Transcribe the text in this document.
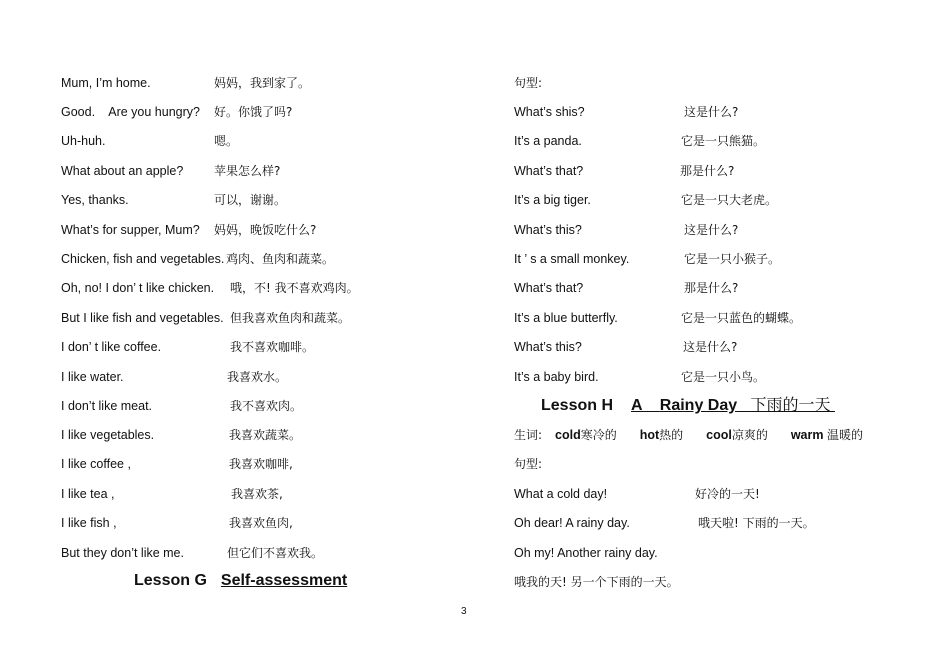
Mum, I’m home.	妈妈，我到家了。
Good.    Are you hungry? 好。你饿了吗?
Uh-huh.	嗯。
What about an apple?	苹果怎么样?
Yes, thanks.	可以，谢谢。
What’s for supper, Mum? 妈妈，晚饭吃什么?
Chicken, fish and vegetables. 鸡肉、鱼肉和蔬菜。
Oh, no! I don’ t like chicken. 哦，不! 我不喜欢鸡肉。
But I like fish and vegetables. 但我喜欢鱼肉和蔬菜。
I don’ t like coffee.	我不喜欢咖啡。
I like water.	我喜欢水。
I don’t like meat.	我不喜欢肉。
I like vegetables.	我喜欢蔬菜。
I like coffee ,	我喜欢咖啡,
I like tea ,	我喜欢茶,
I like fish ,	我喜欢鱼肉,
But they don’t like me.	但它们不喜欢我。
Lesson G Self-assessment
句型:
What’s shis?	这是什么?
It’s a panda.	它是一只熊猫。
What’s that?	那是什么?
It’s a big tiger.	它是一只大老虎。
What’s this?	这是什么?
It ’ s a small monkey.	它是一只小猴子。
What’s that?	那是什么?
It’s a blue butterfly.	它是一只蓝色的蝴蝶。
What’s this?	这是什么?
It’s a baby bird.	它是一只小鸟。
Lesson H A Rainy Day 下雨的一天
生词: cold寒冷的 hot热的 cool凉爽的 warm 温暖的
句型:
What a cold day!	好冷的一天!
Oh dear! A rainy day.	哦天啦! 下雨的一天。
Oh my! Another rainy day.
哦我的天! 另一个下雨的一天。
3
